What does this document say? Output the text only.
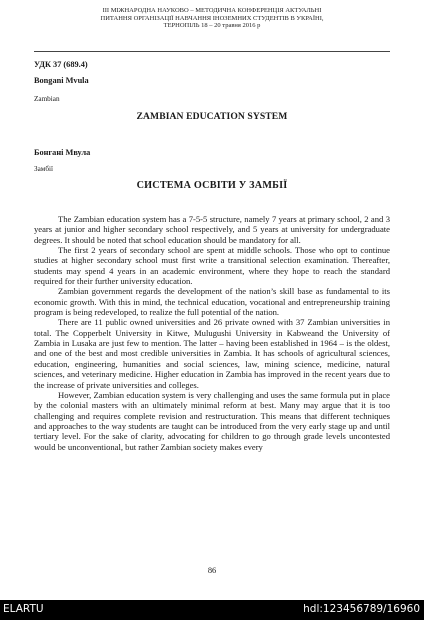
III МІЖНАРОДНА НАУКОВО – МЕТОДИЧНА КОНФЕРЕНЦІЯ АКТУАЛЬНІ
ПИТАННЯ ОРГАНІЗАЦІЇ НАВЧАННЯ ІНОЗЕМНИХ СТУДЕНТІВ В УКРАЇНІ,
ТЕРНОПІЛЬ 18 – 20 травня 2016 р
УДК 37 (689.4)
Bongani Mvula
Zambian
ZAMBIAN EDUCATION SYSTEM
Бонгані Мвула
Замбії
СИСТЕМА ОСВІТИ У ЗАМБІЇ

The Zambian education system has a 7-5-5 structure, namely 7 years at primary school, 2 and 3 years at junior and higher secondary school respectively, and 5 years at university for undergraduate degrees. It should be noted that school education should be mandatory for all.

The first 2 years of secondary school are spent at middle schools. Those who opt to continue studies at higher secondary school must first write a transitional selection examination. Thereafter, students may spend 4 years in an academic environment, where they hope to reach the standard required for their further university education.

Zambian government regards the development of the nation’s skill base as fundamental to its economic growth. With this in mind, the technical education, vocational and entrepreneurship training program is being redeveloped, to realize the full potential of the nation.

There are 11 public owned universities and 26 private owned with 37 Zambian universities in total. The Copperbelt University in Kitwe, Mulugushi University in Kabweand the University of Zambia in Lusaka are just few to mention. The latter – having been established in 1964 – is the oldest, and one of the best and most credible universities in Zambia. It has schools of agricultural sciences, education, engineering, humanities and social sciences, law, mining science, medicine, natural sciences, and veterinary medicine. Higher education in Zambia has improved in the recent years due to the increase of private universities and colleges.

However, Zambian education system is very challenging and uses the same formula put in place by the colonial masters with an ultimately minimal reform at best. Many may argue that it is too challenging and requires complete revision and restructuration. This means that different techniques and approaches to the way students are taught can be introduced from the very early stage up and until tertiary level. For the sake of clarity, advocating for children to go through grade levels uncontested would be unconventional, but rather Zambian society makes every

86
ELARTU	hdl:123456789/16960
